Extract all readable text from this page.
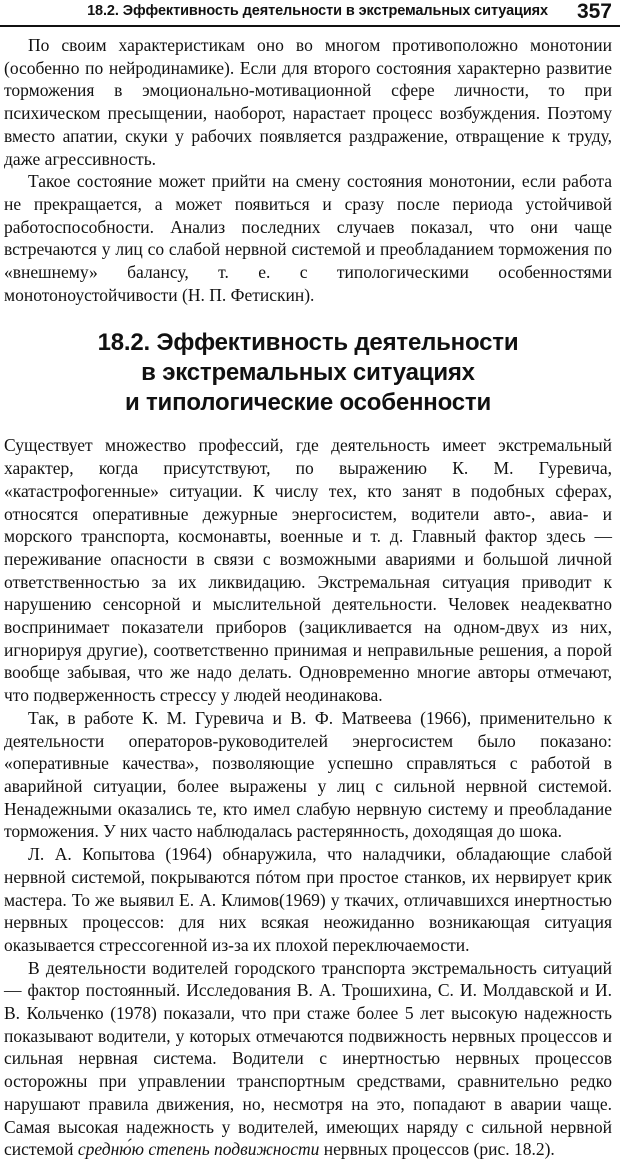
18.2. Эффективность деятельности в экстремальных ситуациях 357

По своим характеристикам оно во многом противоположно монотонии (особенно по нейродинамике). Если для второго состояния характерно развитие торможения в эмоционально-мотивационной сфере личности, то при психическом пресыщении, наоборот, нарастает процесс возбуждения. Поэтому вместо апатии, скуки у рабочих появляется раздражение, отвращение к труду, даже агрессивность.

Такое состояние может прийти на смену состояния монотонии, если работа не прекращается, а может появиться и сразу после периода устойчивой работоспособности. Анализ последних случаев показал, что они чаще встречаются у лиц со слабой нервной системой и преобладанием торможения по «внешнему» балансу, т. е. с типологическими особенностями монотоноустойчивости (Н. П. Фетискин).

18.2. Эффективность деятельности
в экстремальных ситуациях
и типологические особенности

Существует множество профессий, где деятельность имеет экстремальный характер, когда присутствуют, по выражению К. М. Гуревича, «катастрофогенные» ситуации. К числу тех, кто занят в подобных сферах, относятся оперативные дежурные энергосистем, водители авто-, авиа- и морского транспорта, космонавты, военные и т. д. Главный фактор здесь — переживание опасности в связи с возможными авариями и большой личной ответственностью за их ликвидацию. Экстремальная ситуация приводит к нарушению сенсорной и мыслительной деятельности. Человек неадекватно воспринимает показатели приборов (зацикливается на одном-двух из них, игнорируя другие), соответственно принимая и неправильные решения, а порой вообще забывая, что же надо делать. Одновременно многие авторы отмечают, что подверженность стрессу у людей неодинакова.

Так, в работе К. М. Гуревича и В. Ф. Матвеева (1966), применительно к деятельности операторов-руководителей энергосистем было показано: «оперативные качества», позволяющие успешно справляться с работой в аварийной ситуации, более выражены у лиц с сильной нервной системой. Ненадежными оказались те, кто имел слабую нервную систему и преобладание торможения. У них часто наблюдалась растерянность, доходящая до шока.

Л. А. Копытова (1964) обнаружила, что наладчики, обладающие слабой нервной системой, покрываются пóтом при простое станков, их нервирует крик мастера. То же выявил Е. А. Климов(1969) у ткачих, отличавшихся инертностью нервных процессов: для них всякая неожиданно возникающая ситуация оказывается стрессогенной из-за их плохой переключаемости.

В деятельности водителей городского транспорта экстремальность ситуаций — фактор постоянный. Исследования В. А. Трошихина, С. И. Молдавской и И. В. Кольченко (1978) показали, что при стаже более 5 лет высокую надежность показывают водители, у которых отмечаются подвижность нервных процессов и сильная нервная система. Водители с инертностью нервных процессов осторожны при управлении транспортным средствами, сравнительно редко нарушают правила движения, но, несмотря на это, попадают в аварии чаще. Самая высокая надежность у водителей, имеющих наряду с сильной нервной системой средню́ю степень подвижности нервных процессов (рис. 18.2).
